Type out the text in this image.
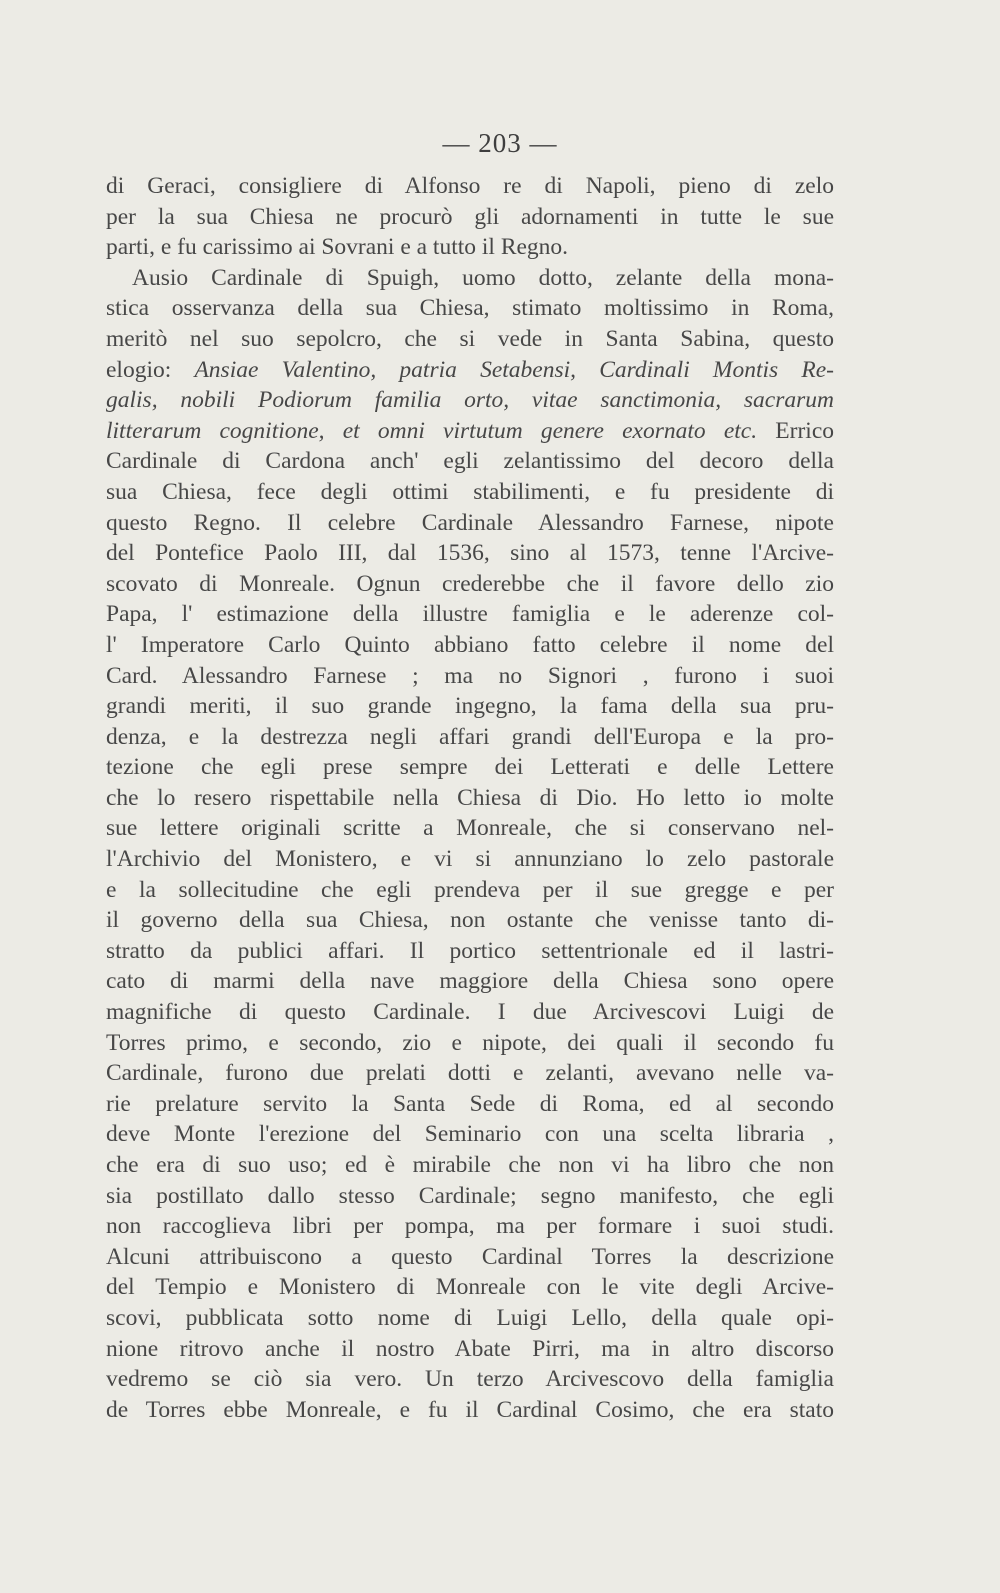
— 203 —
di Geraci, consigliere di Alfonso re di Napoli, pieno di zelo
per la sua Chiesa ne procurò gli adornamenti in tutte le sue
parti, e fu carissimo ai Sovrani e a tutto il Regno.
Ausio Cardinale di Spuigh, uomo dotto, zelante della mona-
stica osservanza della sua Chiesa, stimato moltissimo in Roma,
meritò nel suo sepolcro, che si vede in Santa Sabina, questo
elogio: Ansiae Valentino, patria Setabensi, Cardinali Montis Re-
galis, nobili Podiorum familia orto, vitae sanctimonia, sacrarum
litterarum cognitione, et omni virtutum genere exornato etc. Errico
Cardinale di Cardona anch' egli zelantissimo del decoro della
sua Chiesa, fece degli ottimi stabilimenti, e fu presidente di
questo Regno. Il celebre Cardinale Alessandro Farnese, nipote
del Pontefice Paolo III, dal 1536, sino al 1573, tenne l'Arcive-
scovato di Monreale. Ognun crederebbe che il favore dello zio
Papa, l' estimazione della illustre famiglia e le aderenze col-
l' Imperatore Carlo Quinto abbiano fatto celebre il nome del
Card. Alessandro Farnese ; ma no Signori , furono i suoi
grandi meriti, il suo grande ingegno, la fama della sua pru-
denza, e la destrezza negli affari grandi dell'Europa e la pro-
tezione che egli prese sempre dei Letterati e delle Lettere
che lo resero rispettabile nella Chiesa di Dio. Ho letto io molte
sue lettere originali scritte a Monreale, che si conservano nel-
l'Archivio del Monistero, e vi si annunziano lo zelo pastorale
e la sollecitudine che egli prendeva per il sue gregge e per
il governo della sua Chiesa, non ostante che venisse tanto di-
stratto da publici affari. Il portico settentrionale ed il lastri-
cato di marmi della nave maggiore della Chiesa sono opere
magnifiche di questo Cardinale. I due Arcivescovi Luigi de
Torres primo, e secondo, zio e nipote, dei quali il secondo fu
Cardinale, furono due prelati dotti e zelanti, avevano nelle va-
rie prelature servito la Santa Sede di Roma, ed al secondo
deve Monte l'erezione del Seminario con una scelta libraria ,
che era di suo uso; ed è mirabile che non vi ha libro che non
sia postillato dallo stesso Cardinale; segno manifesto, che egli
non raccoglieva libri per pompa, ma per formare i suoi studi.
Alcuni attribuiscono a questo Cardinal Torres la descrizione
del Tempio e Monistero di Monreale con le vite degli Arcive-
scovi, pubblicata sotto nome di Luigi Lello, della quale opi-
nione ritrovo anche il nostro Abate Pirri, ma in altro discorso
vedremo se ciò sia vero. Un terzo Arcivescovo della famiglia
de Torres ebbe Monreale, e fu il Cardinal Cosimo, che era stato
